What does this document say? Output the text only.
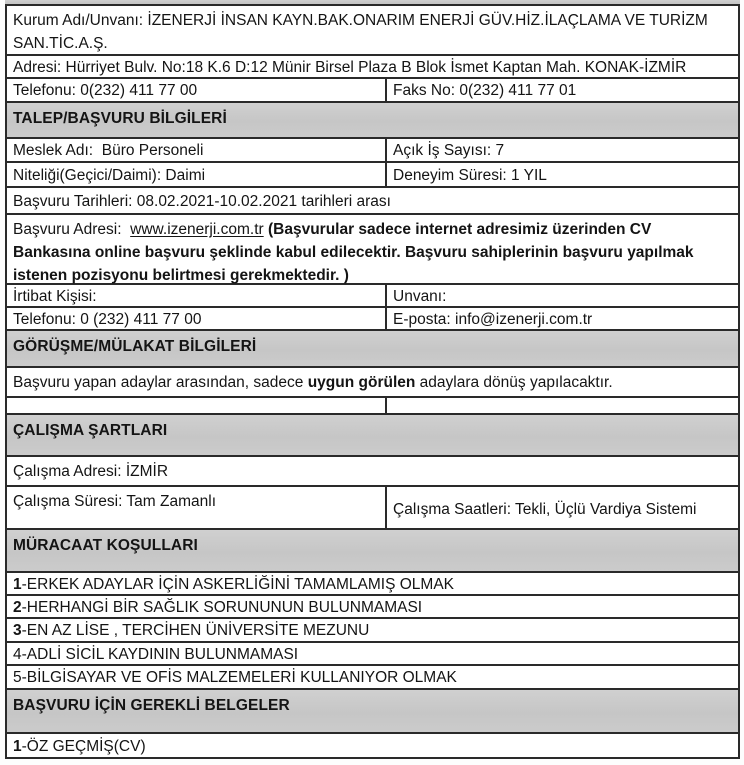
Kurum Adı/Unvanı: İZENERJİ İNSAN KAYN.BAK.ONARIM ENERJİ GÜV.HİZ.İLAÇLAMA VE TURİZM SAN.TİC.A.Ş.
Adresi: Hürriyet Bulv. No:18 K.6 D:12 Münir Birsel Plaza B Blok İsmet Kaptan Mah. KONAK-İZMİR
Telefonu: 0(232) 411 77 00	Faks No: 0(232) 411 77 01
TALEP/BAŞVURU BİLGİLERİ
Meslek Adı:  Büro Personeli	Açık İş Sayısı: 7
Niteliği(Geçici/Daimi): Daimi	Deneyim Süresi: 1 YIL
Başvuru Tarihleri: 08.02.2021-10.02.2021 tarihleri arası
Başvuru Adresi:  www.izenerji.com.tr (Başvurular sadece internet adresimiz üzerinden CV Bankasına online başvuru şeklinde kabul edilecektir. Başvuru sahiplerinin başvuru yapılmak istenen pozisyonu belirtmesi gerekmektedir. )
İrtibat Kişisi:	Unvanı:
Telefonu: 0 (232) 411 77 00	E-posta: info@izenerji.com.tr
GÖRÜŞME/MÜLAKAT BİLGİLERİ
Başvuru yapan adaylar arasından, sadece uygun görülen adaylara dönüş yapılacaktır.
ÇALIŞMA ŞARTLARI
Çalışma Adresi: İZMİR
Çalışma Süresi: Tam Zamanlı	Çalışma Saatleri: Tekli, Üçlü Vardiya Sistemi
MÜRACAAT KOŞULLARI
1-ERKEK ADAYLAR İÇİN ASKERLİĞİNİ TAMAMLAMIŞ OLMAK
2-HERHANGİ BİR SAĞLIK SORUNUNUN BULUNMAMASI
3-EN AZ LİSE , TERCİHEN ÜNİVERSİTE MEZUNU
4-ADLİ SİCİL KAYDININ BULUNMAMASI
5-BİLGİSAYAR VE OFİS MALZEMELERİ KULLANIYOR OLMAK
BAŞVURU İÇİN GEREKLİ BELGELER
1-ÖZ GEÇMİŞ(CV)
